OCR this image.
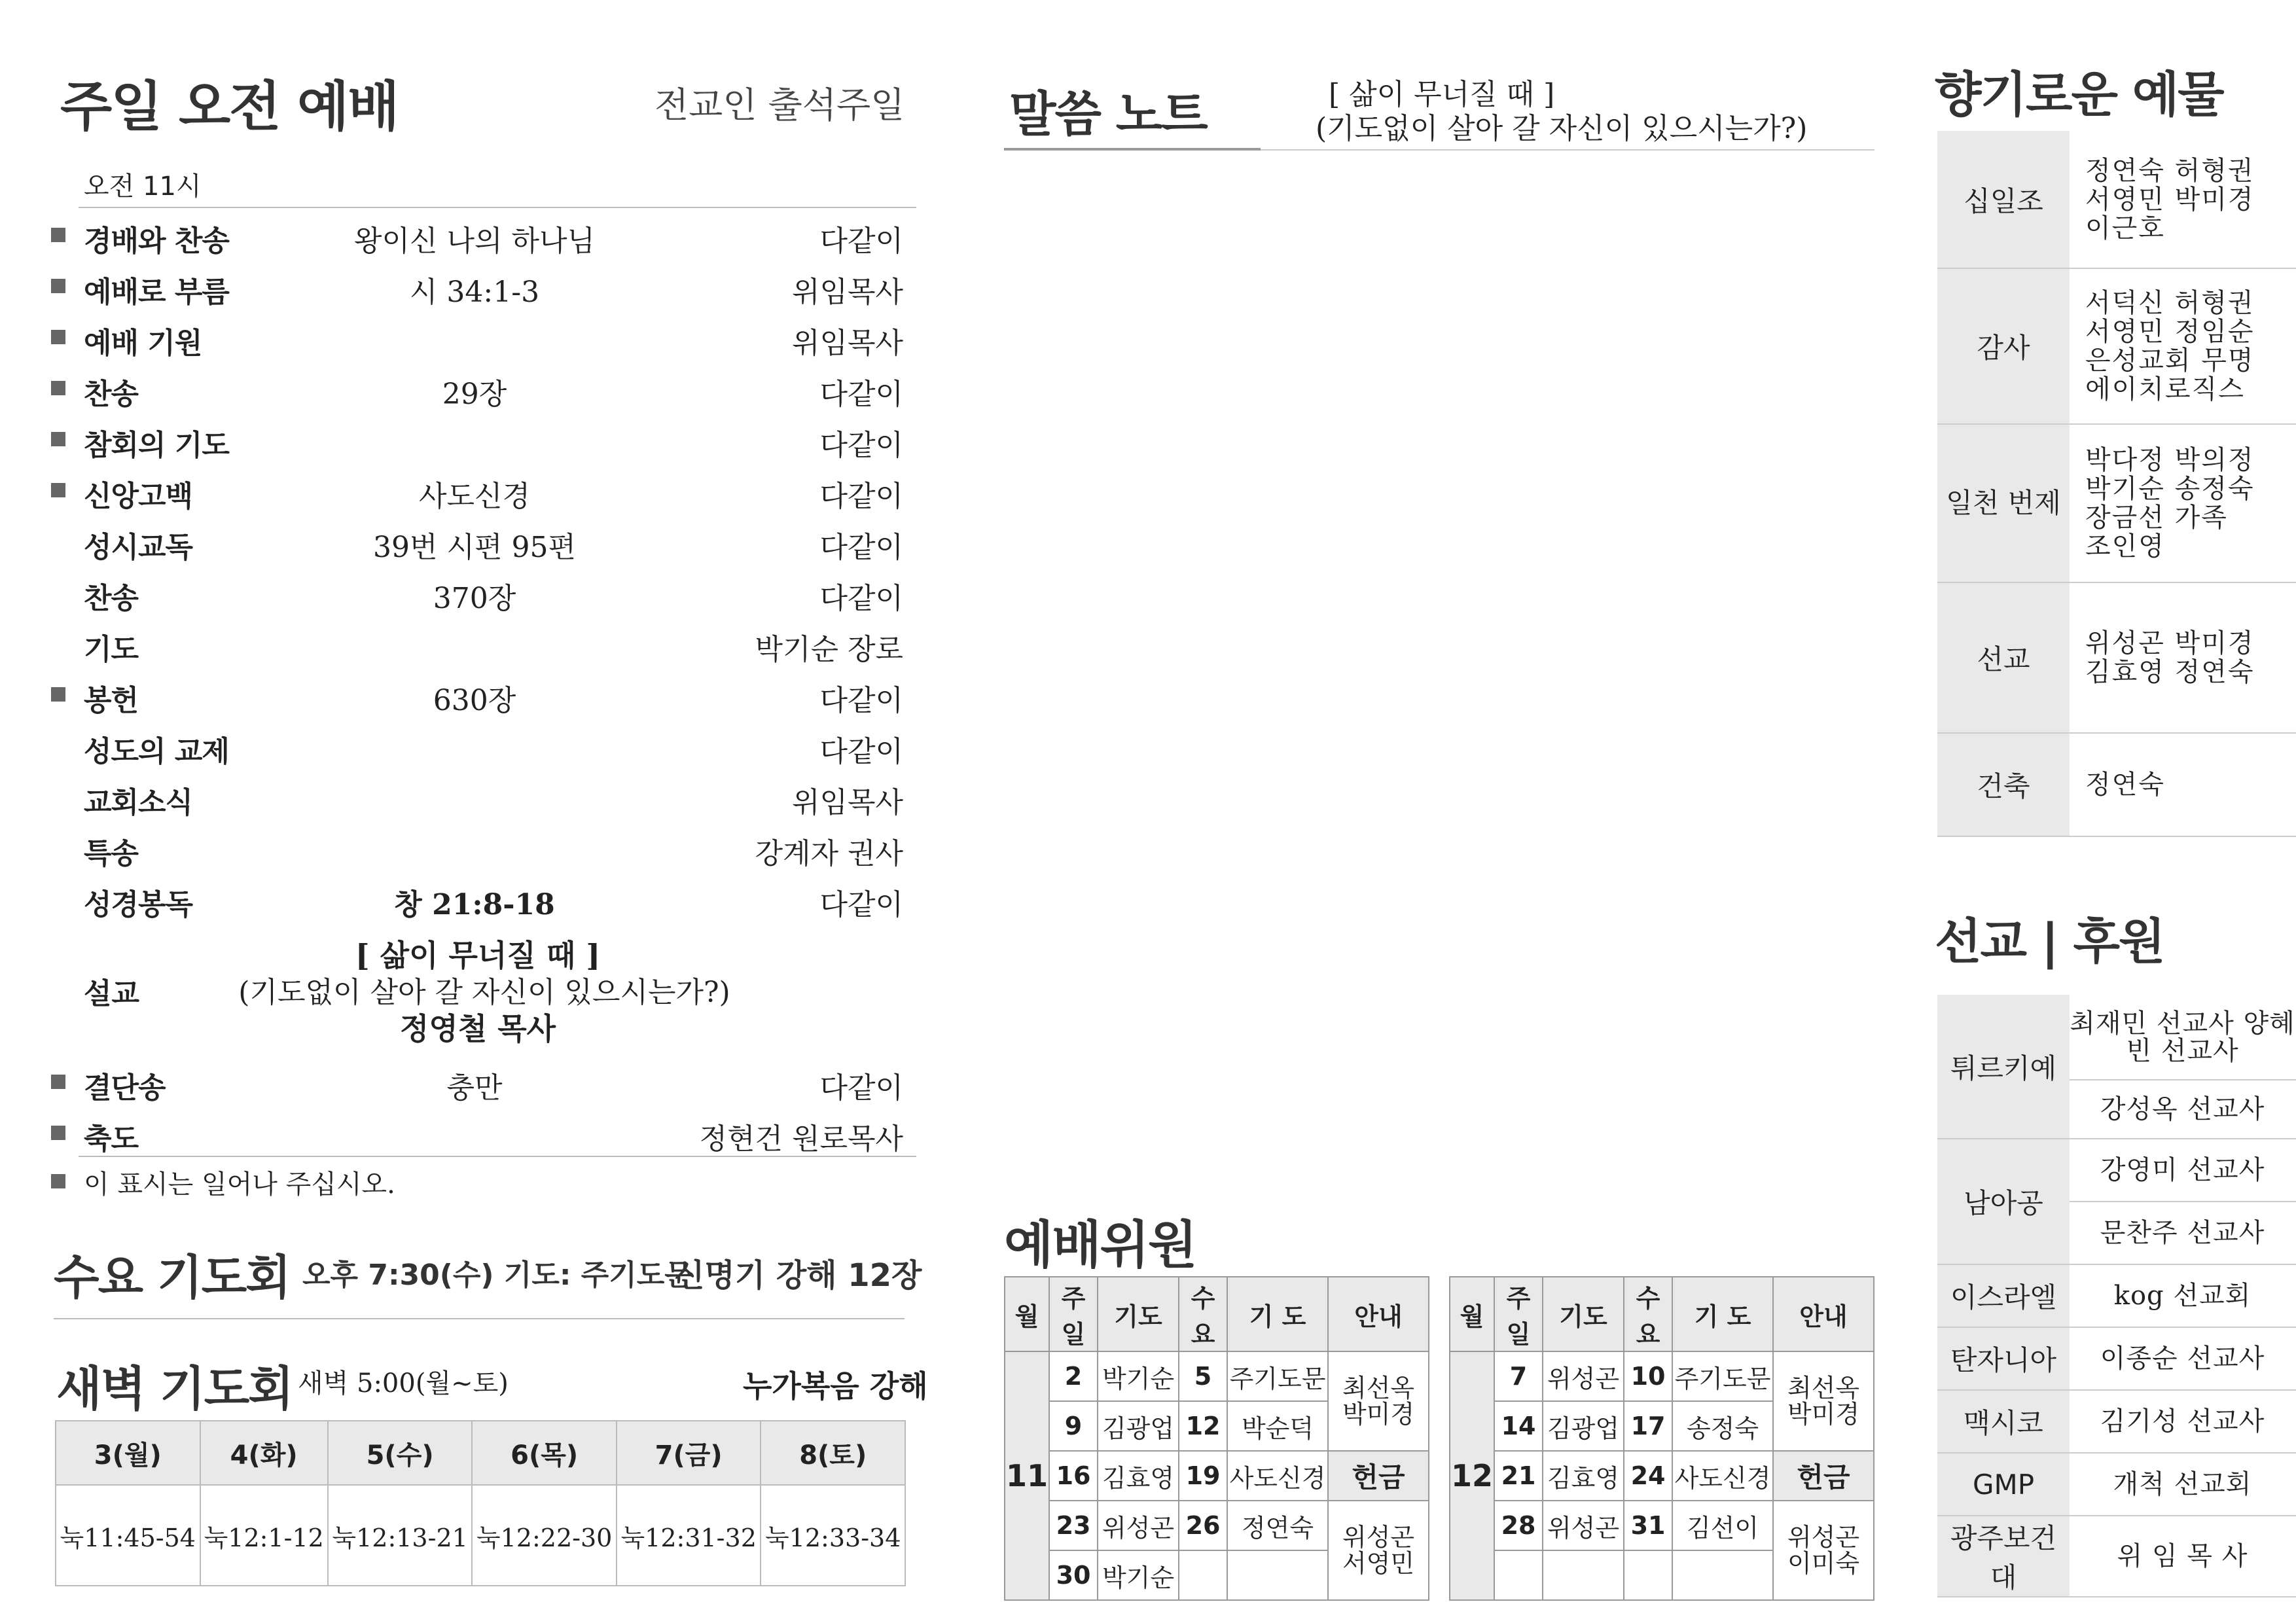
주일 오전 예배	전교인 출석주일
오전 11시
경배와 찬송	왕이신 나의 하나님	다같이
예배로 부름	시 34:1-3	위임목사
예배 기원	위임목사
찬송	29장	다같이
참회의 기도	다같이
신앙고백	사도신경	다같이
성시교독	39번 시편 95편	다같이
찬송	370장	다같이
기도	박기순 장로
봉헌	630장	다같이
성도의 교제	다같이
교회소식	위임목사
특송	강계자 권사
성경봉독	창 21:8-18	다같이
설교
[ 삶이 무너질 때 ]
(기도없이 살아 갈 자신이 있으시는가?)
정영철 목사
결단송	충만	다같이
축도	정현건 원로목사
이 표시는 일어나 주십시오.
수요 기도회 오후 7:30(수) 기도: 주기도문
신명기 강해 12장
새벽 기도회 새벽 5:00(월~토)	누가복음 강해
3(월)	4(화)	5(수)	6(목)	7(금)	8(토)
눅11:45-54	눅12:1-12	눅12:13-21	눅12:22-30	눅12:31-32	눅12:33-34
말씀 노트	[ 삶이 무너질 때 ]
(기도없이 살아 갈 자신이 있으시는가?)
예배위원
월	주일	기도	수요	기 도	안내
11	2	박기순	5	주기도문	최선옥 박미경
	9	김광업	12	박순덕	
	16	김효영	19	사도신경	헌금
	23	위성곤	26	정연숙	위성곤 서영민
	30	박기순			
월	주일	기도	수요	기 도	안내
12	7	위성곤	10	주기도문	최선옥 박미경
	14	김광업	17	송정숙	
	21	김효영	24	사도신경	헌금
	28	위성곤	31	김선이	위성곤 이미숙

향기로운 예물
십일조	정연숙 허형권
서영민 박미경
이근호

감사	서덕신 허형권
서영민 정임순
은성교회 무명
에이치로직스

일천 번제	박다정 박의정
박기순 송정숙
장금선 가족
조인영

선교	위성곤 박미경
김효영 정연숙

건축	정연숙
선교 | 후원
튀르키예	최재민 선교사 양혜빈 선교사
	강성옥 선교사
남아공	강영미 선교사
	문찬주 선교사
이스라엘	kog 선교회
탄자니아	이종순 선교사
맥시코	김기성 선교사
GMP	개척 선교회
광주보건대	위 임 목 사
